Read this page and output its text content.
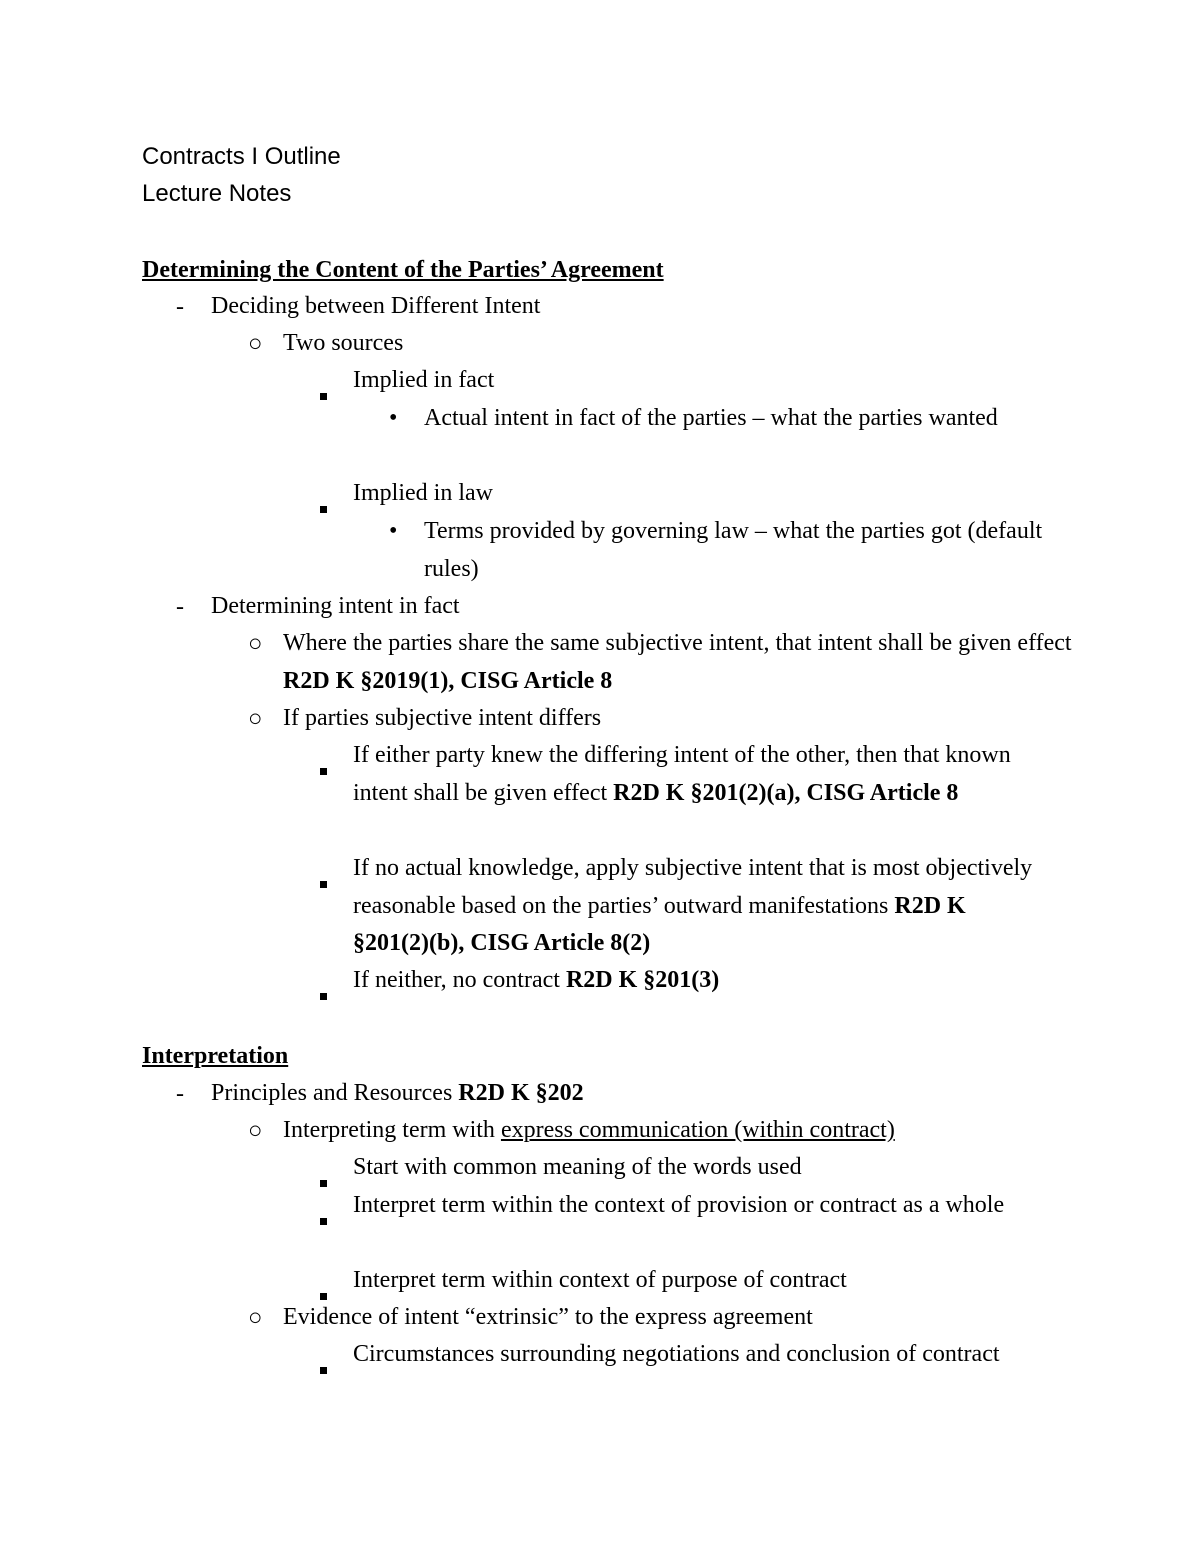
Contracts I Outline
Lecture Notes
Determining the Content of the Parties’ Agreement
- Deciding between Different Intent
○ Two sources
Implied in fact
• Actual intent in fact of the parties – what the parties wanted
Implied in law
• Terms provided by governing law – what the parties got (default rules)
- Determining intent in fact
○ Where the parties share the same subjective intent, that intent shall be given effect R2D K §2019(1), CISG Article 8
○ If parties subjective intent differs
If either party knew the differing intent of the other, then that known intent shall be given effect R2D K §201(2)(a), CISG Article 8
If no actual knowledge, apply subjective intent that is most objectively reasonable based on the parties’ outward manifestations R2D K §201(2)(b), CISG Article 8(2)
If neither, no contract R2D K §201(3)
Interpretation
- Principles and Resources R2D K §202
○ Interpreting term with express communication (within contract)
Start with common meaning of the words used
Interpret term within the context of provision or contract as a whole
Interpret term within context of purpose of contract
○ Evidence of intent “extrinsic” to the express agreement
Circumstances surrounding negotiations and conclusion of contract
